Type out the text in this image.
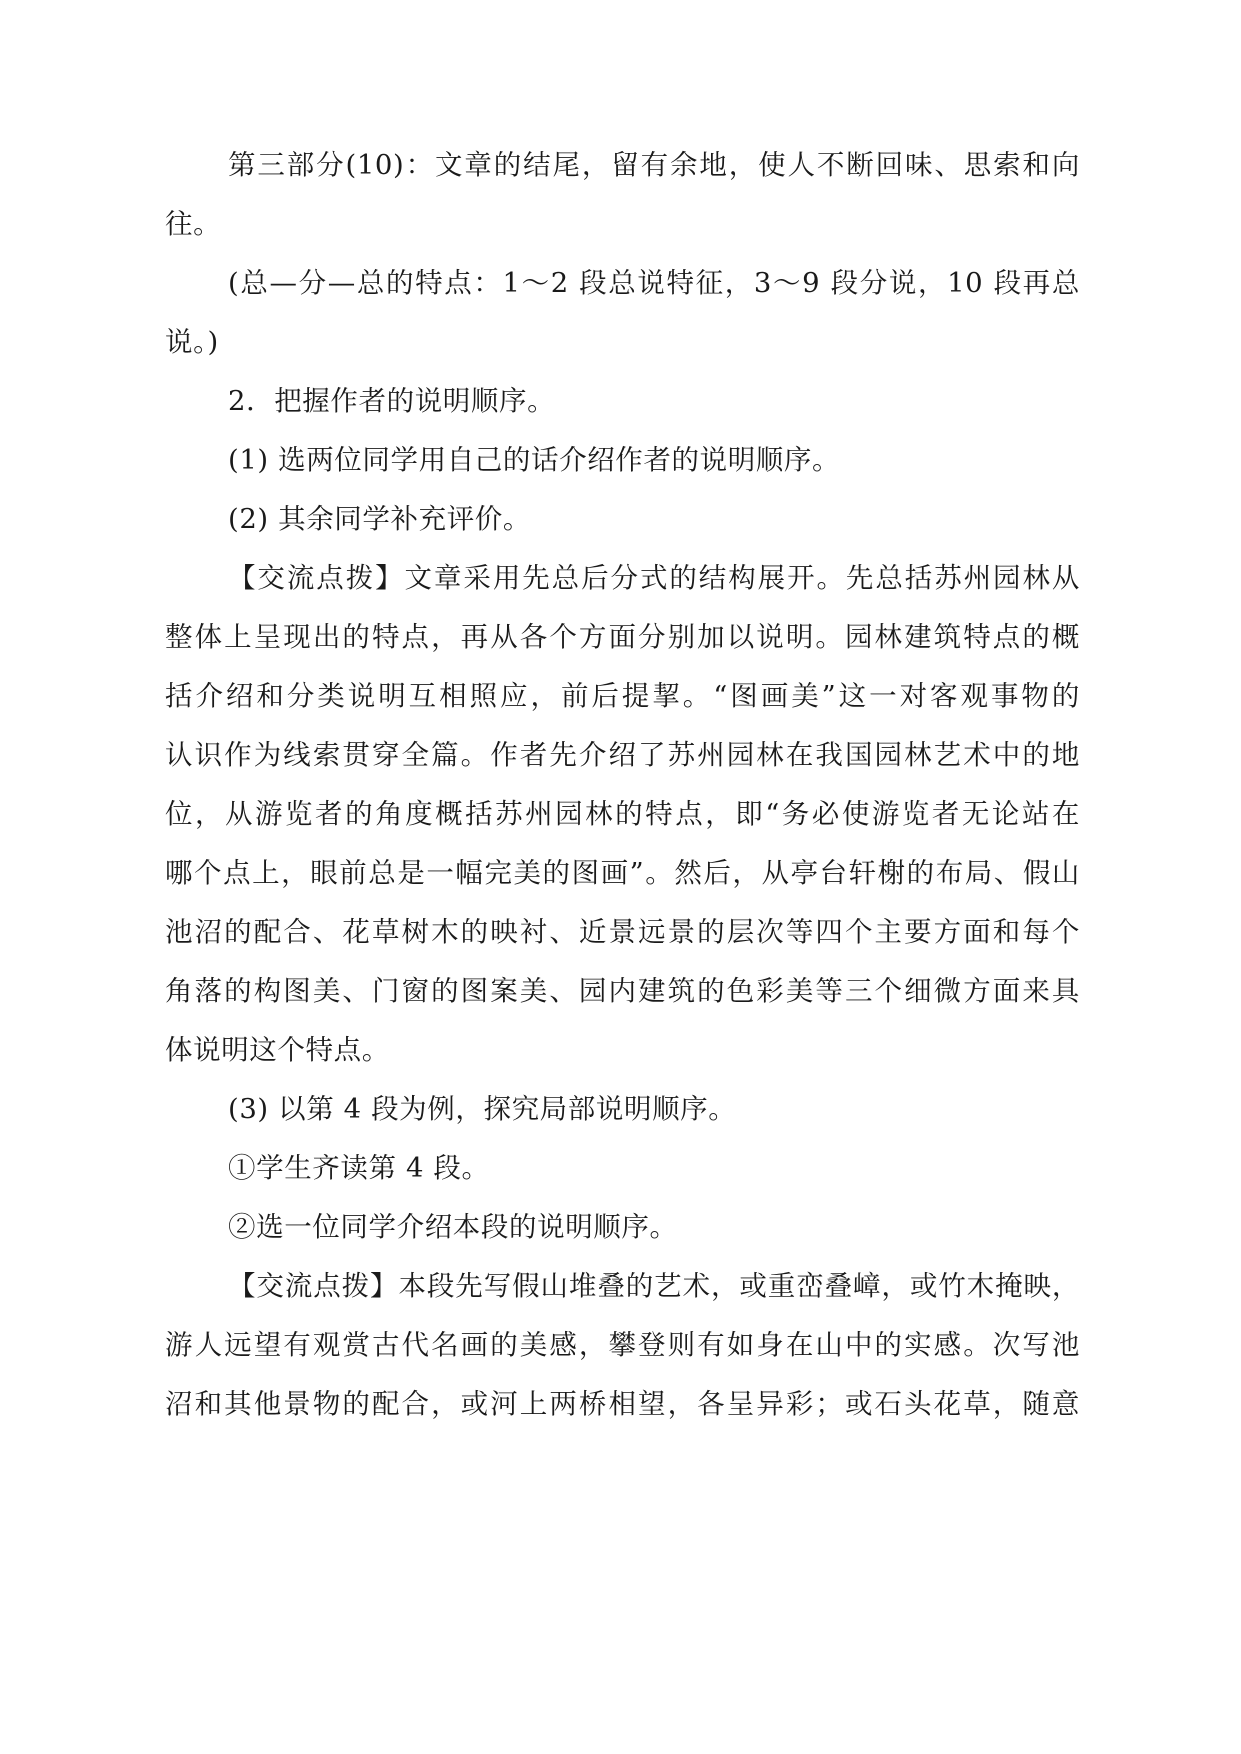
第三部分(10)：文章的结尾，留有余地，使人不断回味、思索和向
往。
(总—分—总的特点：1～2 段总说特征，3～9 段分说，10 段再总
说。)
2．把握作者的说明顺序。
(1) 选两位同学用自己的话介绍作者的说明顺序。
(2) 其余同学补充评价。
【交流点拨】文章采用先总后分式的结构展开。先总括苏州园林从
整体上呈现出的特点，再从各个方面分别加以说明。园林建筑特点的概
括介绍和分类说明互相照应，前后提挈。“图画美”这一对客观事物的
认识作为线索贯穿全篇。作者先介绍了苏州园林在我国园林艺术中的地
位，从游览者的角度概括苏州园林的特点，即“务必使游览者无论站在
哪个点上，眼前总是一幅完美的图画”。然后，从亭台轩榭的布局、假山
池沼的配合、花草树木的映衬、近景远景的层次等四个主要方面和每个
角落的构图美、门窗的图案美、园内建筑的色彩美等三个细微方面来具
体说明这个特点。
(3) 以第 4 段为例，探究局部说明顺序。
①学生齐读第 4 段。
②选一位同学介绍本段的说明顺序。
【交流点拨】本段先写假山堆叠的艺术，或重峦叠嶂，或竹木掩映，
游人远望有观赏古代名画的美感，攀登则有如身在山中的实感。次写池
沼和其他景物的配合，或河上两桥相望，各呈异彩；或石头花草，随意
